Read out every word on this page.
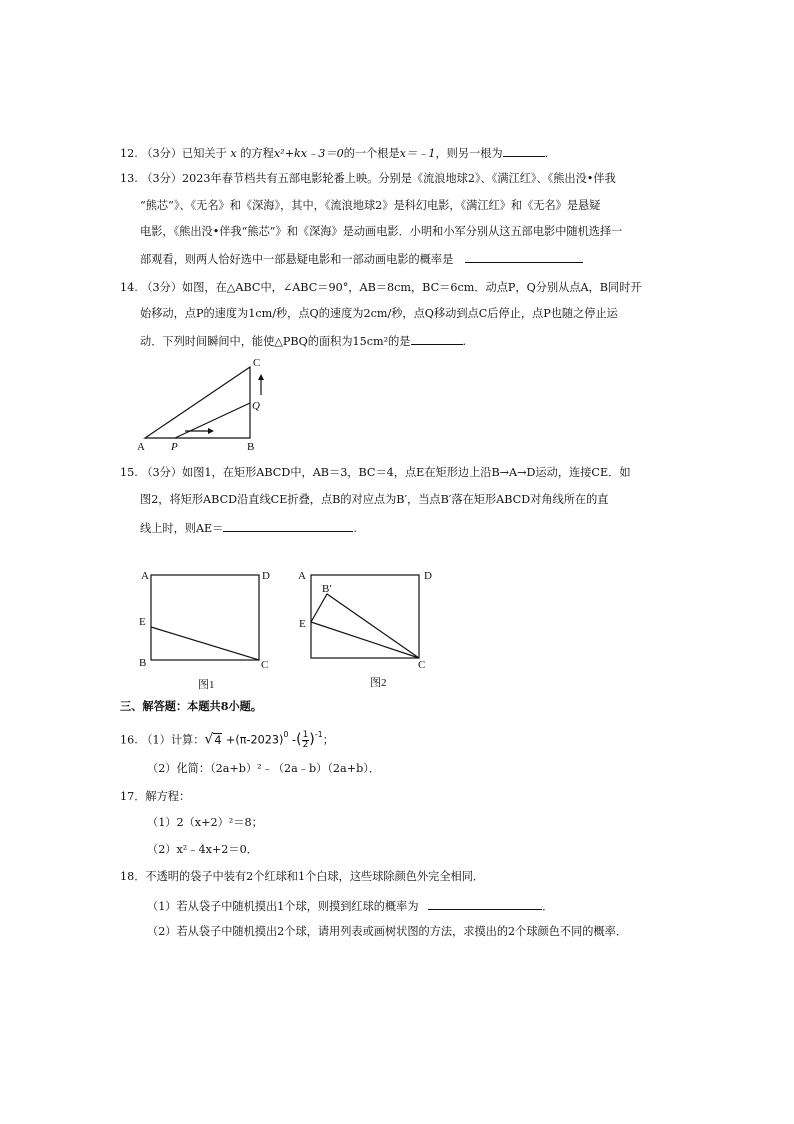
12. （3分）已知关于 x 的方程x²+kx﹣3＝0的一个根是x＝﹣1，则另一根为	.
13. （3分）2023年春节档共有五部电影轮番上映。分别是《流浪地球2》、《满江红》、《熊出没•伴我
“熊芯”》、《无名》和《深海》，其中，《流浪地球2》是科幻电影，《满江红》和《无名》是悬疑
电影，《熊出没•伴我“熊芯”》和《深海》是动画电影．小明和小军分别从这五部电影中随机选择一
部观看，则两人恰好选中一部悬疑电影和一部动画电影的概率是
14. （3分）如图，在△ABC中，∠ABC＝90°，AB＝8cm，BC＝6cm．动点P，Q分别从点A，B同时开
始移动，点P的速度为1cm/秒，点Q的速度为2cm/秒，点Q移动到点C后停止，点P也随之停止运
动．下列时间瞬间中，能使△PBQ的面积为15cm²的是	.
A P	B
Q
C
15. （3分）如图1，在矩形ABCD中，AB＝3，BC＝4，点E在矩形边上沿B→A→D运动，连接CE．如
图2，将矩形ABCD沿直线CE折叠，点B的对应点为B′，当点B′落在矩形ABCD对角线所在的直
线上时，则AE＝	.
A	D
E
B	C
图1
A
B′
D
E
C
图2
三、解答题：本题共8小题。
16. （1）计算：$√4 +(\pi-2023)^0$ -( $\frac{1}{2} )^{-1}$；
（2）化简：（2a+b）²﹣（2a﹣b）（2a+b）．
17．解方程：
（1）2（x+2）²＝8；
（2）x²﹣4x+2＝0．
18．不透明的袋子中装有2个红球和1个白球，这些球除颜色外完全相同．
（1）若从袋子中随机摸出1个球，则摸到红球的概率为	．
（2）若从袋子中随机摸出2个球，请用列表或画树状图的方法，求摸出的2个球颜色不同的概率．
